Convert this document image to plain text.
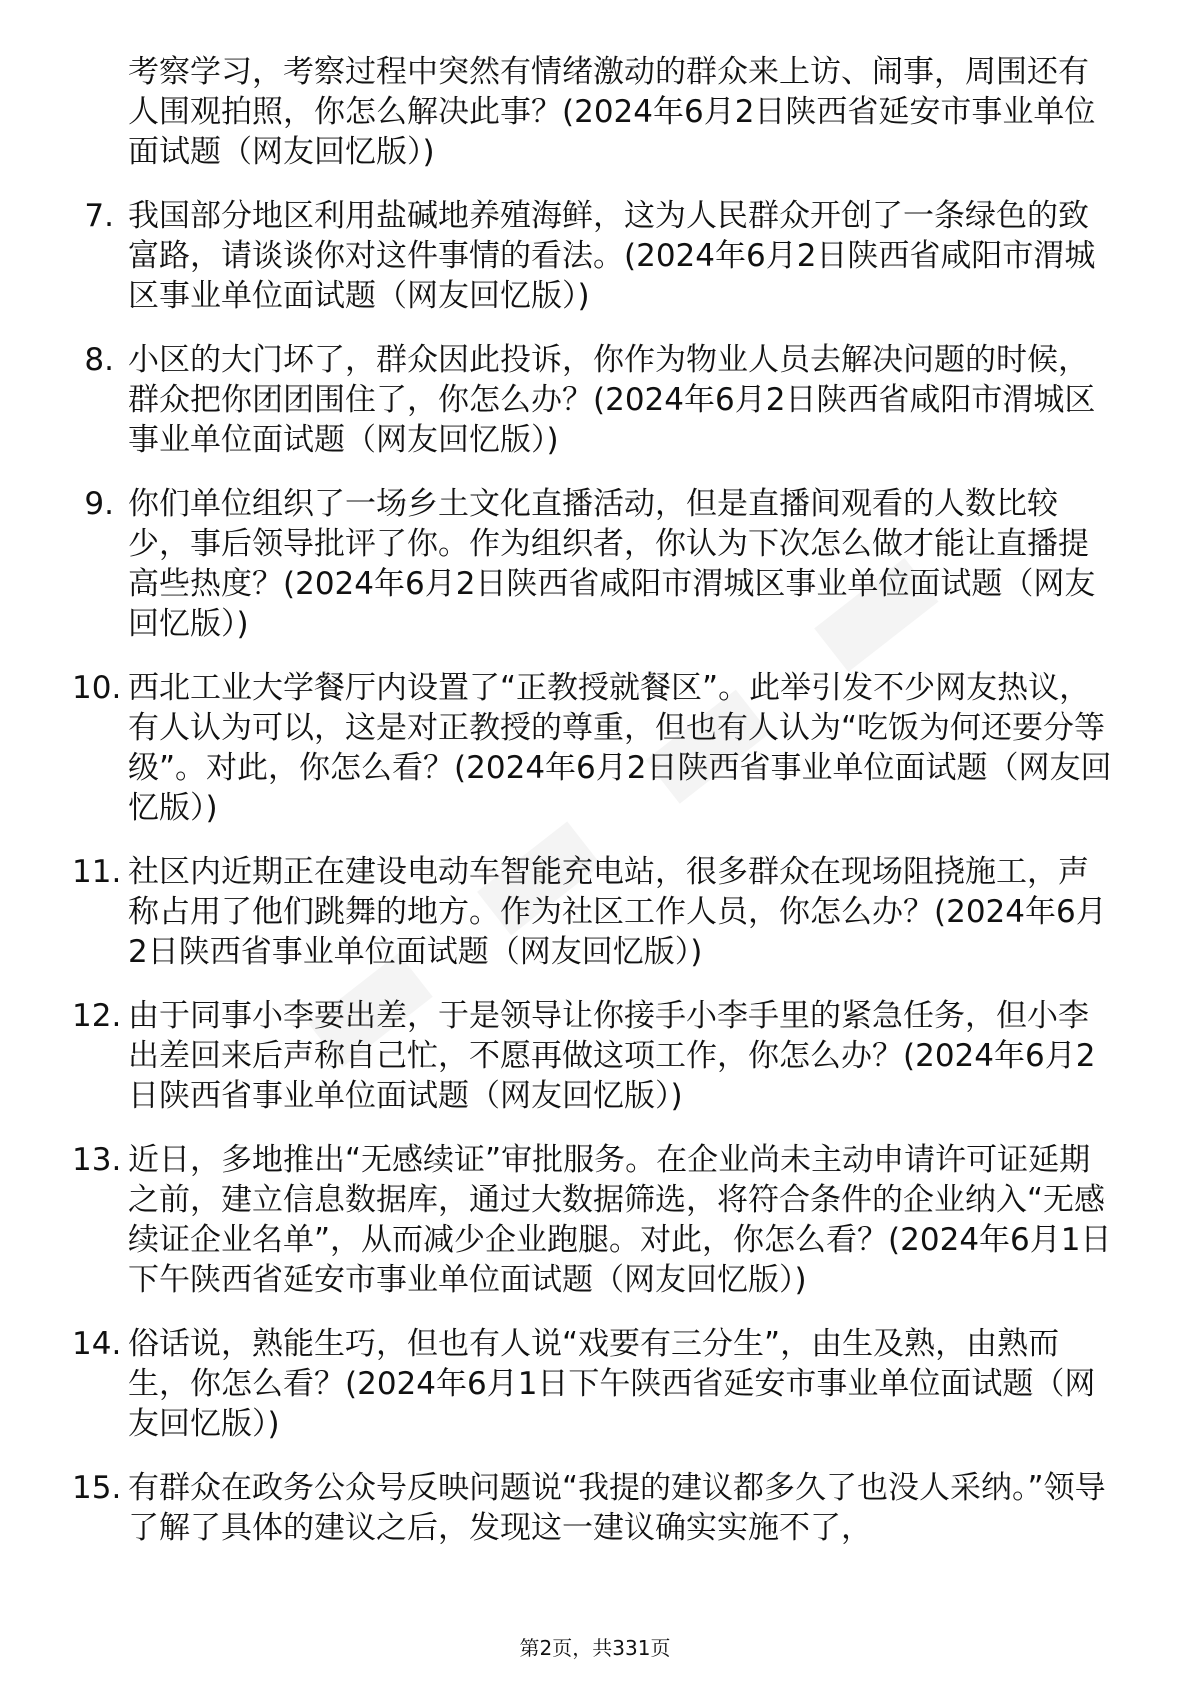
考察学习，考察过程中突然有情绪激动的群众来上访、闹事，周围还有人围观拍照，你怎么解决此事？(2024年6月2日陕西省延安市事业单位面试题（网友回忆版）)

7. 我国部分地区利用盐碱地养殖海鲜，这为人民群众开创了一条绿色的致富路，请谈谈你对这件事情的看法。(2024年6月2日陕西省咸阳市渭城区事业单位面试题（网友回忆版）)
8. 小区的大门坏了，群众因此投诉，你作为物业人员去解决问题的时候，群众把你团团围住了，你怎么办？(2024年6月2日陕西省咸阳市渭城区事业单位面试题（网友回忆版）)
9. 你们单位组织了一场乡土文化直播活动，但是直播间观看的人数比较少，事后领导批评了你。作为组织者，你认为下次怎么做才能让直播提高些热度？(2024年6月2日陕西省咸阳市渭城区事业单位面试题（网友回忆版）)
10. 西北工业大学餐厅内设置了“正教授就餐区”。此举引发不少网友热议，有人认为可以，这是对正教授的尊重，但也有人认为“吃饭为何还要分等级”。对此，你怎么看？(2024年6月2日陕西省事业单位面试题（网友回忆版）)
11. 社区内近期正在建设电动车智能充电站，很多群众在现场阻挠施工，声称占用了他们跳舞的地方。作为社区工作人员，你怎么办？(2024年6月2日陕西省事业单位面试题（网友回忆版）)
12. 由于同事小李要出差，于是领导让你接手小李手里的紧急任务，但小李出差回来后声称自己忙，不愿再做这项工作，你怎么办？(2024年6月2日陕西省事业单位面试题（网友回忆版）)
13. 近日，多地推出“无感续证”审批服务。在企业尚未主动申请许可证延期之前，建立信息数据库，通过大数据筛选，将符合条件的企业纳入“无感续证企业名单”，从而减少企业跑腿。对此，你怎么看？(2024年6月1日下午陕西省延安市事业单位面试题（网友回忆版）)
14. 俗话说，熟能生巧，但也有人说“戏要有三分生”，由生及熟，由熟而生，你怎么看？(2024年6月1日下午陕西省延安市事业单位面试题（网友回忆版）)
15. 有群众在政务公众号反映问题说“我提的建议都多久了也没人采纳。”领导了解了具体的建议之后，发现这一建议确实实施不了，
第2页，共331页
